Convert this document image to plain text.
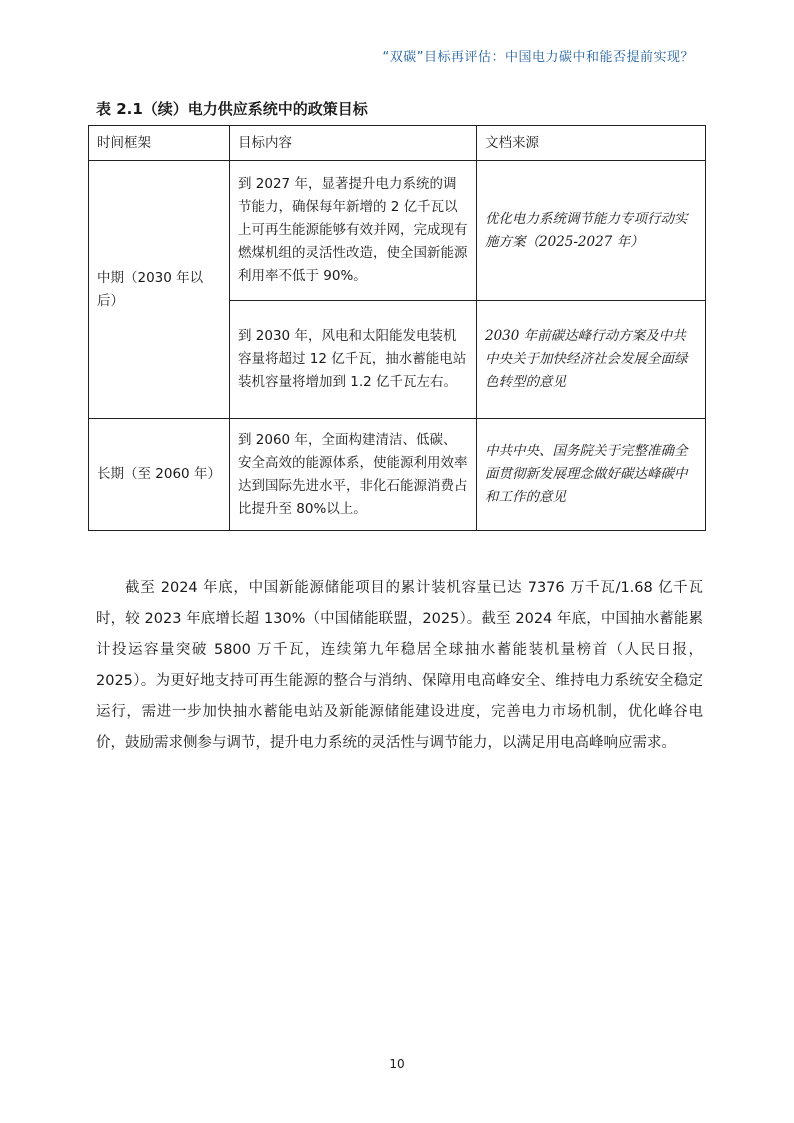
“双碳”目标再评估：中国电力碳中和能否提前实现？
表 2.1（续）电力供应系统中的政策目标
时间框架	目标内容	文档来源
中期（2030 年以后）	到 2027 年，显著提升电力系统的调节能力，确保每年新增的 2 亿千瓦以上可再生能源能够有效并网，完成现有燃煤机组的灵活性改造，使全国新能源利用率不低于 90%。	优化电力系统调节能力专项行动实施方案（2025-2027 年）
	到 2030 年，风电和太阳能发电装机容量将超过 12 亿千瓦，抽水蓄能电站装机容量将增加到 1.2 亿千瓦左右。	2030 年前碳达峰行动方案及中共中央关于加快经济社会发展全面绿色转型的意见
长期（至 2060 年）	到 2060 年，全面构建清洁、低碳、安全高效的能源体系，使能源利用效率达到国际先进水平，非化石能源消费占比提升至 80%以上。	中共中央、国务院关于完整准确全面贯彻新发展理念做好碳达峰碳中和工作的意见

截至 2024 年底，中国新能源储能项目的累计装机容量已达 7376 万千瓦/1.68 亿千瓦时，较 2023 年底增长超 130%（中国储能联盟，2025）。截至 2024 年底，中国抽水蓄能累计投运容量突破 5800 万千瓦，连续第九年稳居全球抽水蓄能装机量榜首（人民日报，2025）。为更好地支持可再生能源的整合与消纳、保障用电高峰安全、维持电力系统安全稳定运行，需进一步加快抽水蓄能电站及新能源储能建设进度，完善电力市场机制，优化峰谷电价，鼓励需求侧参与调节，提升电力系统的灵活性与调节能力，以满足用电高峰响应需求。

10
